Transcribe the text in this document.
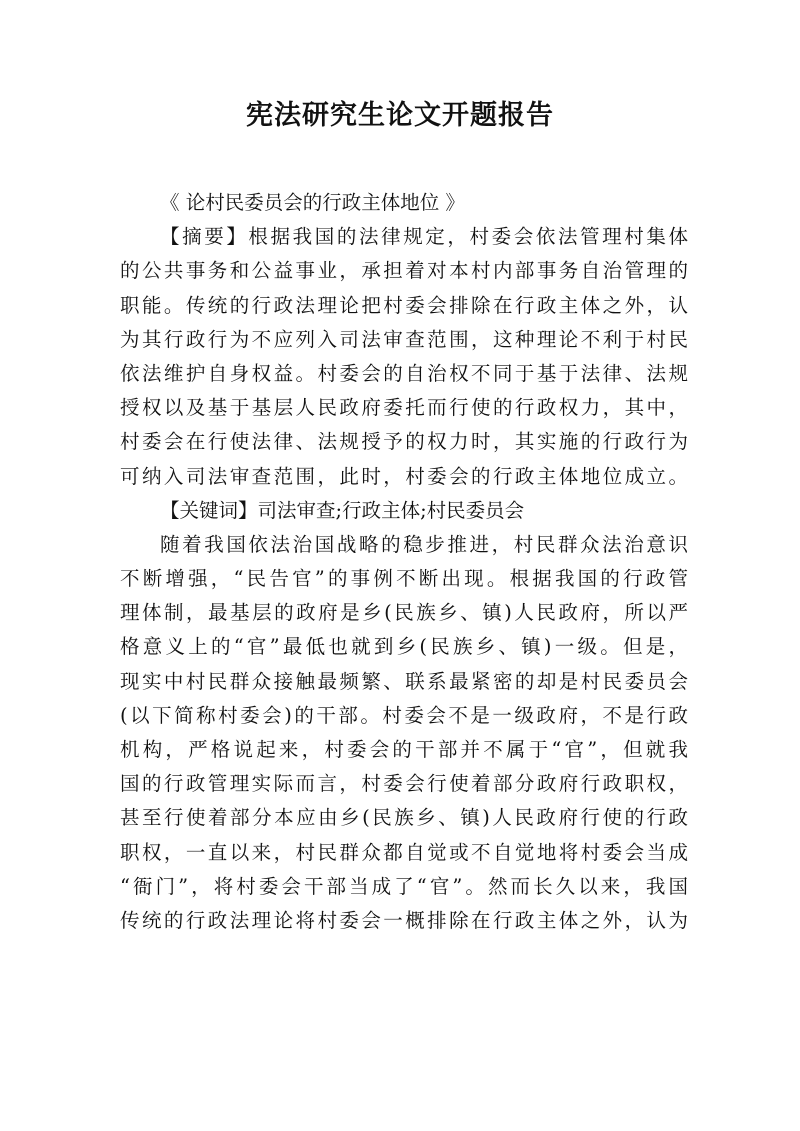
宪法研究生论文开题报告
《 论村民委员会的行政主体地位 》
【摘要】根据我国的法律规定，村委会依法管理村集体
的公共事务和公益事业，承担着对本村内部事务自治管理的
职能。传统的行政法理论把村委会排除在行政主体之外，认
为其行政行为不应列入司法审查范围，这种理论不利于村民
依法维护自身权益。村委会的自治权不同于基于法律、法规
授权以及基于基层人民政府委托而行使的行政权力，其中，
村委会在行使法律、法规授予的权力时，其实施的行政行为
可纳入司法审查范围，此时，村委会的行政主体地位成立。
【关键词】司法审查;行政主体;村民委员会
随着我国依法治国战略的稳步推进，村民群众法治意识
不断增强，“民告官”的事例不断出现。根据我国的行政管
理体制，最基层的政府是乡(民族乡、镇)人民政府，所以严
格意义上的“官”最低也就到乡(民族乡、镇)一级。但是，
现实中村民群众接触最频繁、联系最紧密的却是村民委员会
(以下简称村委会)的干部。村委会不是一级政府，不是行政
机构，严格说起来，村委会的干部并不属于“官”，但就我
国的行政管理实际而言，村委会行使着部分政府行政职权，
甚至行使着部分本应由乡(民族乡、镇)人民政府行使的行政
职权，一直以来，村民群众都自觉或不自觉地将村委会当成
“衙门”，将村委会干部当成了“官”。然而长久以来，我国
传统的行政法理论将村委会一概排除在行政主体之外，认为
